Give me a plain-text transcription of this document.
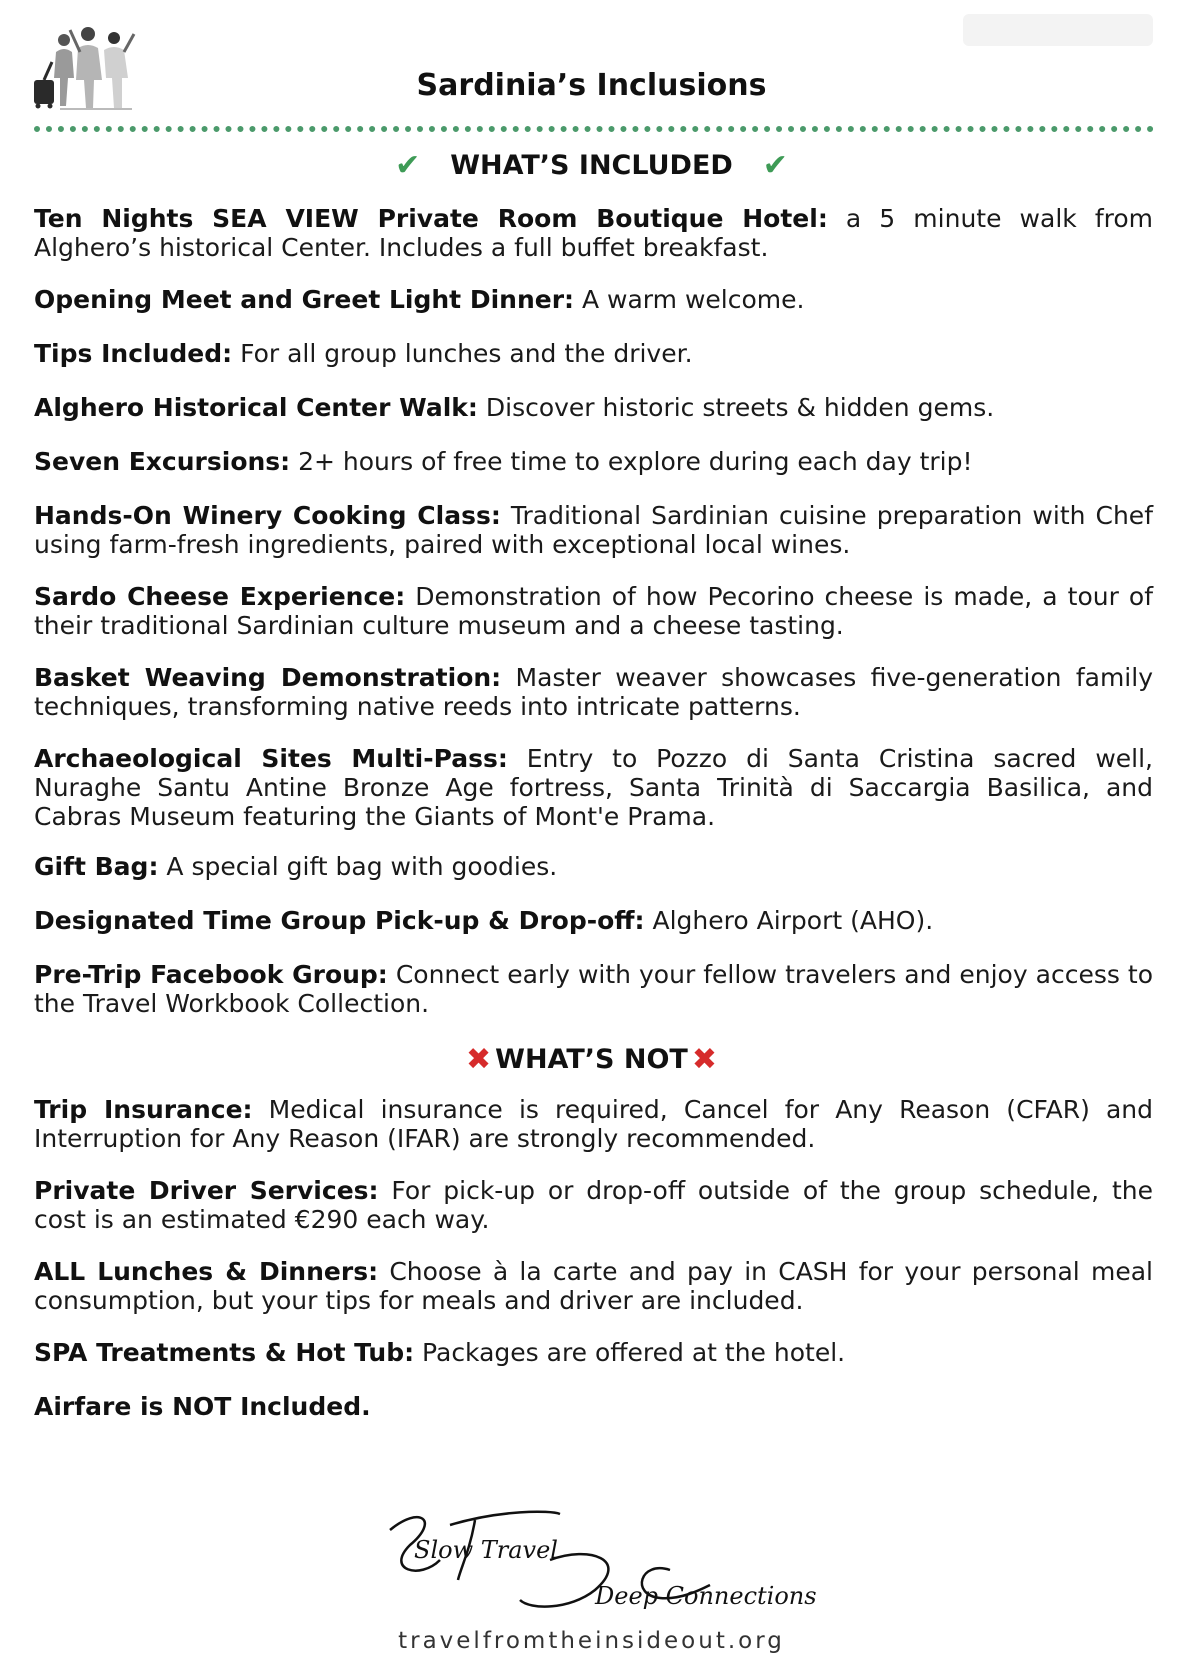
Sardinia’s Inclusions
✔ WHAT’S INCLUDED ✔
Ten Nights SEA VIEW Private Room Boutique Hotel: a 5 minute walk from Alghero’s historical Center. Includes a full buffet breakfast.
Opening Meet and Greet Light Dinner: A warm welcome.
Tips Included: For all group lunches and the driver.
Alghero Historical Center Walk: Discover historic streets & hidden gems.
Seven Excursions: 2+ hours of free time to explore during each day trip!
Hands-On Winery Cooking Class: Traditional Sardinian cuisine preparation with Chef using farm-fresh ingredients, paired with exceptional local wines.
Sardo Cheese Experience: Demonstration of how Pecorino cheese is made, a tour of their traditional Sardinian culture museum and a cheese tasting.
Basket Weaving Demonstration: Master weaver showcases five-generation family techniques, transforming native reeds into intricate patterns.
Archaeological Sites Multi-Pass: Entry to Pozzo di Santa Cristina sacred well, Nuraghe Santu Antine Bronze Age fortress, Santa Trinità di Saccargia Basilica, and Cabras Museum featuring the Giants of Mont'e Prama.
Gift Bag: A special gift bag with goodies.
Designated Time Group Pick-up & Drop-off: Alghero Airport (AHO).
Pre-Trip Facebook Group: Connect early with your fellow travelers and enjoy access to the Travel Workbook Collection.
✖ WHAT’S NOT ✖
Trip Insurance: Medical insurance is required, Cancel for Any Reason (CFAR) and Interruption for Any Reason (IFAR) are strongly recommended.
Private Driver Services: For pick-up or drop-off outside of the group schedule, the cost is an estimated €290 each way.
ALL Lunches & Dinners: Choose à la carte and pay in CASH for your personal meal consumption, but your tips for meals and driver are included.
SPA Treatments & Hot Tub: Packages are offered at the hotel.
Airfare is NOT Included.
Slow Travel
Deep Connections
travelfromtheinsideout.org
